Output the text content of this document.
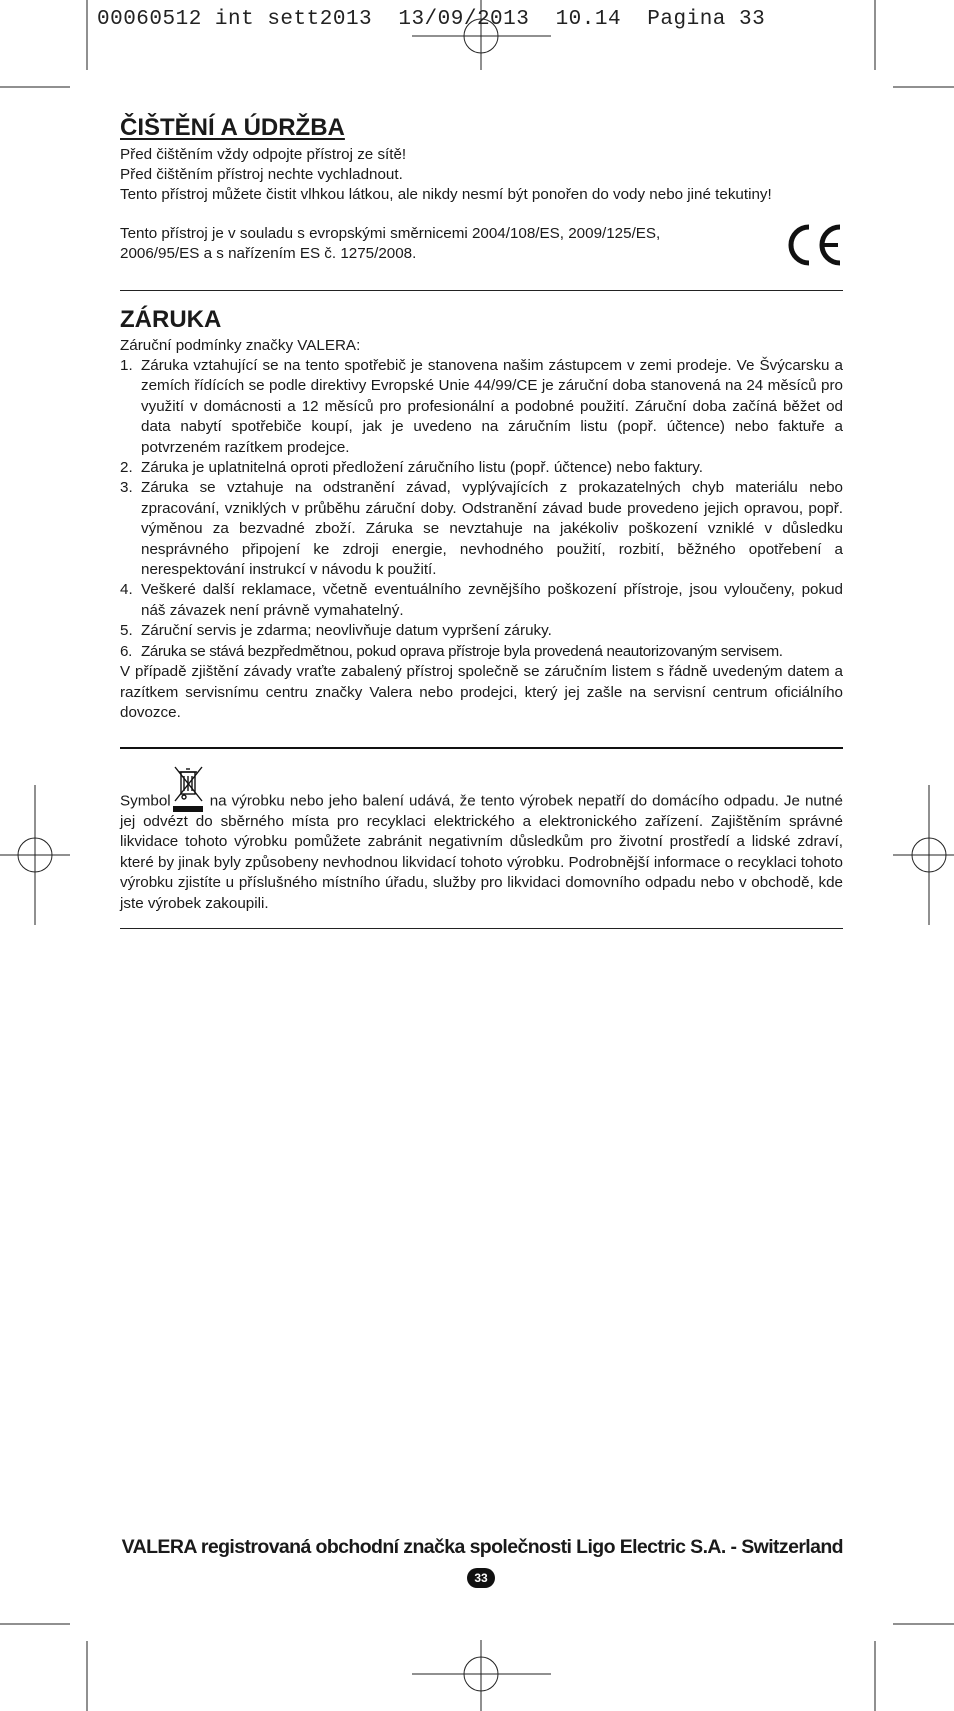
00060512 int sett2013  13/09/2013  10.14  Pagina 33
ČIŠTĚNÍ A ÚDRŽBA

Před čištěním vždy odpojte přístroj ze sítě!

Před čištěním přístroj nechte vychladnout.

Tento přístroj můžete čistit vlhkou látkou, ale nikdy nesmí být ponořen do vody nebo jiné tekutiny!

Tento přístroj je v souladu s evropskými směrnicemi 2004/108/ES, 2009/125/ES,

2006/95/ES a s nařízením ES č. 1275/2008.

ZÁRUKA

Záruční podmínky značky VALERA:

1. Záruka vztahující se na tento spotřebič je stanovena našim zástupcem v zemi prodeje. Ve Švýcarsku a zemích řídících se podle direktivy Evropské Unie 44/99/CE je záruční doba stanovená na 24 měsíců pro využití v domácnosti a 12 měsíců pro profesionální a podobné použití. Záruční doba začíná běžet od data nabytí spotřebiče koupí, jak je uvedeno na záručním listu (popř. účtence) nebo faktuře a potvrzeném razítkem prodejce.
2. Záruka je uplatnitelná oproti předložení záručního listu (popř. účtence) nebo faktury.
3. Záruka se vztahuje na odstranění závad, vyplývajících z prokazatelných chyb materiálu nebo zpracování, vzniklých v průběhu záruční doby. Odstranění závad bude provedeno jejich opravou, popř. výměnou za bezvadné zboží. Záruka se nevztahuje na jakékoliv poškození vzniklé v důsledku nesprávného připojení ke zdroji energie, nevhodného použití, rozbití, běžného opotřebení a nerespektování instrukcí v návodu k použití.
4. Veškeré další reklamace, včetně eventuálního zevnějšího poškození přístroje, jsou vyloučeny, pokud náš závazek není právně vymahatelný.
5. Záruční servis je zdarma; neovlivňuje datum vypršení záruky.
6. Záruka se stává bezpředmětnou, pokud oprava přístroje byla provedená neautorizovaným servisem.

V případě zjištění závady vraťte zabalený přístroj společně se záručním listem s řádně uvedeným datem a razítkem servisnímu centru značky Valera nebo prodejci, který jej zašle na servisní centrum oficiálního dovozce.

Symbol na výrobku nebo jeho balení udává, že tento výrobek nepatří do domácího odpadu. Je nutné jej odvézt do sběrného místa pro recyklaci elektrického a elektronického zařízení. Zajištěním správné likvidace tohoto výrobku pomůžete zabránit negativním důsledkům pro životní prostředí a lidské zdraví, které by jinak byly způsobeny nevhodnou likvidací tohoto výrobku. Podrobnější informace o recyklaci tohoto výrobku zjistíte u příslušného místního úřadu, služby pro likvidaci domovního odpadu nebo v obchodě, kde jste výrobek zakoupili.

VALERA registrovaná obchodní značka společnosti Ligo Electric S.A. - Switzerland
33
